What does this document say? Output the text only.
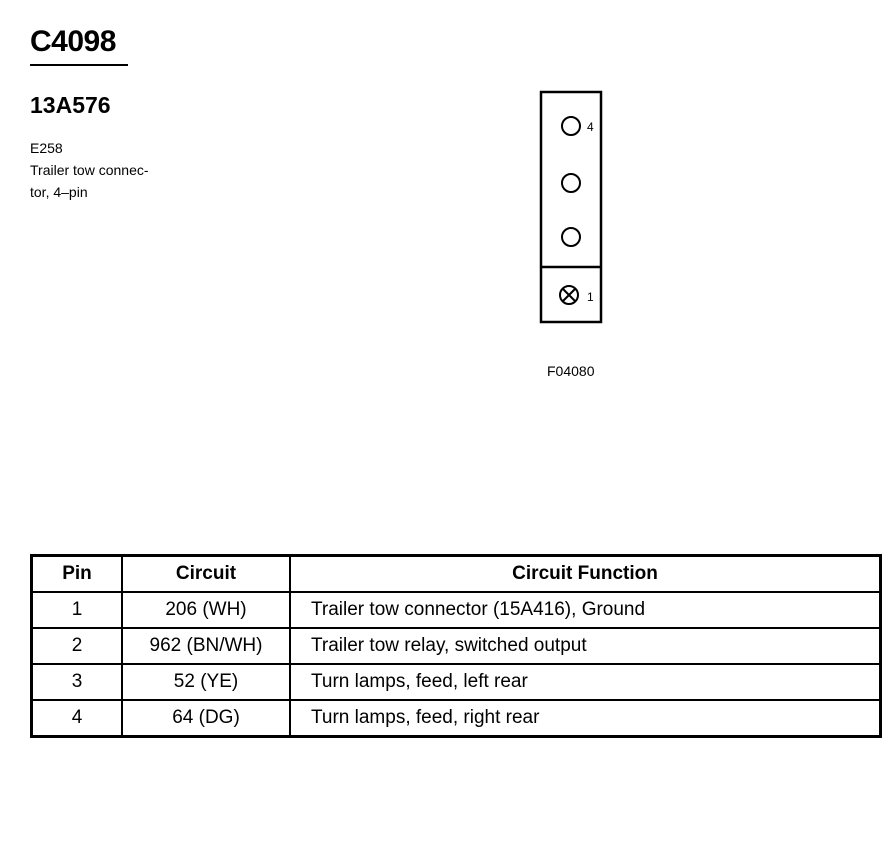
C4098
13A576
E258
Trailer tow connec-
tor, 4–pin
4
1
F04080
Pin	Circuit	Circuit Function
1	206 (WH)	Trailer tow connector (15A416), Ground
2	962 (BN/WH)	Trailer tow relay, switched output
3	52 (YE)	Turn lamps, feed, left rear
4	64 (DG)	Turn lamps, feed, right rear
